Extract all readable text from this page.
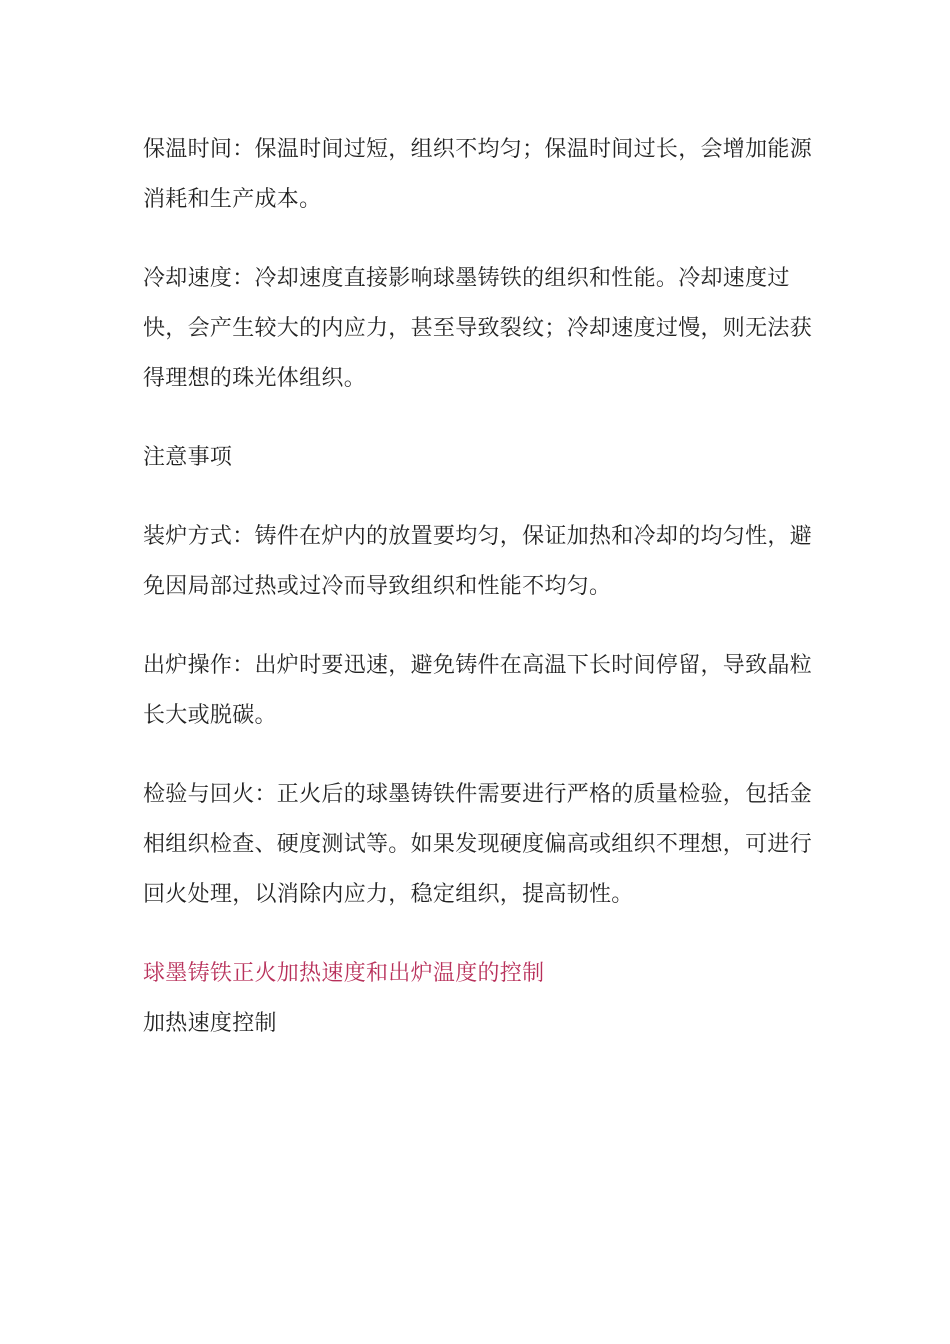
保温时间：保温时间过短，组织不均匀；保温时间过长，会增加能源消耗和生产成本。

冷却速度：冷却速度直接影响球墨铸铁的组织和性能。冷却速度过快，会产生较大的内应力，甚至导致裂纹；冷却速度过慢，则无法获得理想的珠光体组织。

注意事项

装炉方式：铸件在炉内的放置要均匀，保证加热和冷却的均匀性，避免因局部过热或过冷而导致组织和性能不均匀。

出炉操作：出炉时要迅速，避免铸件在高温下长时间停留，导致晶粒长大或脱碳。

检验与回火：正火后的球墨铸铁件需要进行严格的质量检验，包括金相组织检查、硬度测试等。如果发现硬度偏高或组织不理想，可进行回火处理，以消除内应力，稳定组织，提高韧性。

球墨铸铁正火加热速度和出炉温度的控制

加热速度控制
